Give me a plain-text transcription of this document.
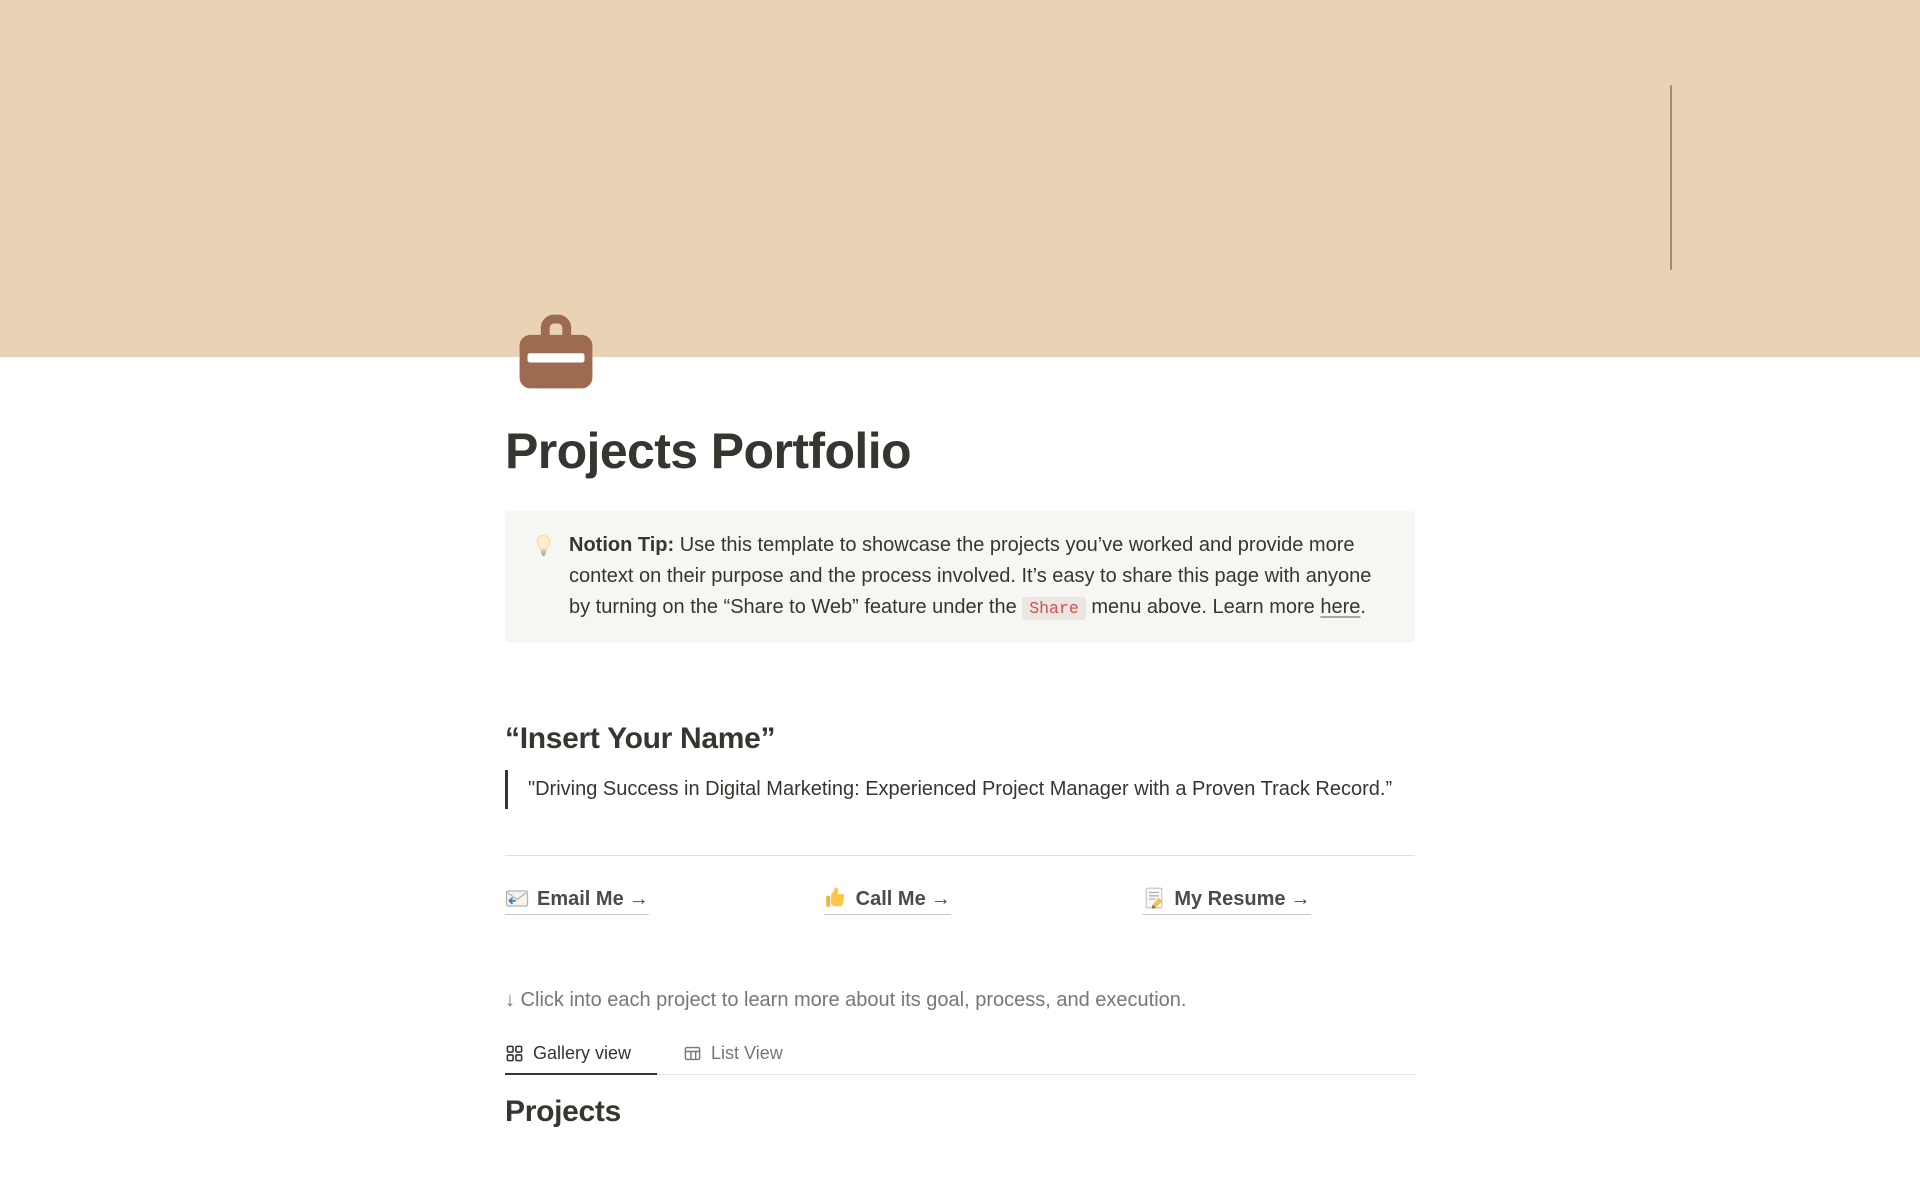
Projects Portfolio
Notion Tip: Use this template to showcase the projects you’ve worked and provide more context on their purpose and the process involved. It’s easy to share this page with anyone by turning on the “Share to Web” feature under the Share menu above. Learn more here.
“Insert Your Name”
"Driving Success in Digital Marketing: Experienced Project Manager with a Proven Track Record.”
Email Me →	Call Me →	My Resume →

↓ Click into each project to learn more about its goal, process, and execution.

Gallery view	List View
Projects
